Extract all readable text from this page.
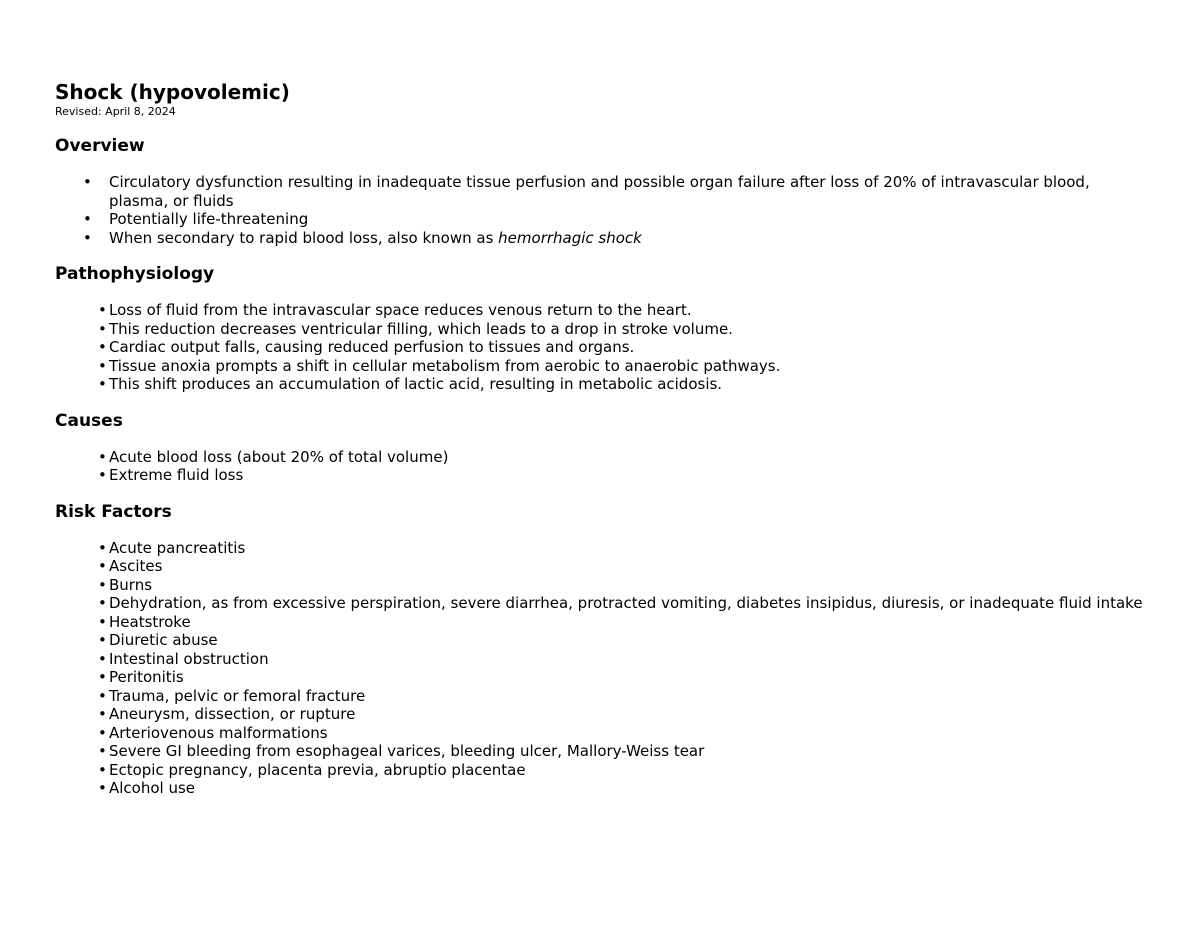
Shock (hypovolemic)

Revised: April 8, 2024

Overview
• Circulatory dysfunction resulting in inadequate tissue perfusion and possible organ failure after loss of 20% of intravascular blood, plasma, or fluids
• Potentially life-threatening
• When secondary to rapid blood loss, also known as hemorrhagic shock
Pathophysiology
• Loss of fluid from the intravascular space reduces venous return to the heart.
• This reduction decreases ventricular filling, which leads to a drop in stroke volume.
• Cardiac output falls, causing reduced perfusion to tissues and organs.
• Tissue anoxia prompts a shift in cellular metabolism from aerobic to anaerobic pathways.
• This shift produces an accumulation of lactic acid, resulting in metabolic acidosis.
Causes
• Acute blood loss (about 20% of total volume)
• Extreme fluid loss
Risk Factors
• Acute pancreatitis
• Ascites
• Burns
• Dehydration, as from excessive perspiration, severe diarrhea, protracted vomiting, diabetes insipidus, diuresis, or inadequate fluid intake
• Heatstroke
• Diuretic abuse
• Intestinal obstruction
• Peritonitis
• Trauma, pelvic or femoral fracture
• Aneurysm, dissection, or rupture
• Arteriovenous malformations
• Severe GI bleeding from esophageal varices, bleeding ulcer, Mallory-Weiss tear
• Ectopic pregnancy, placenta previa, abruptio placentae
• Alcohol use
